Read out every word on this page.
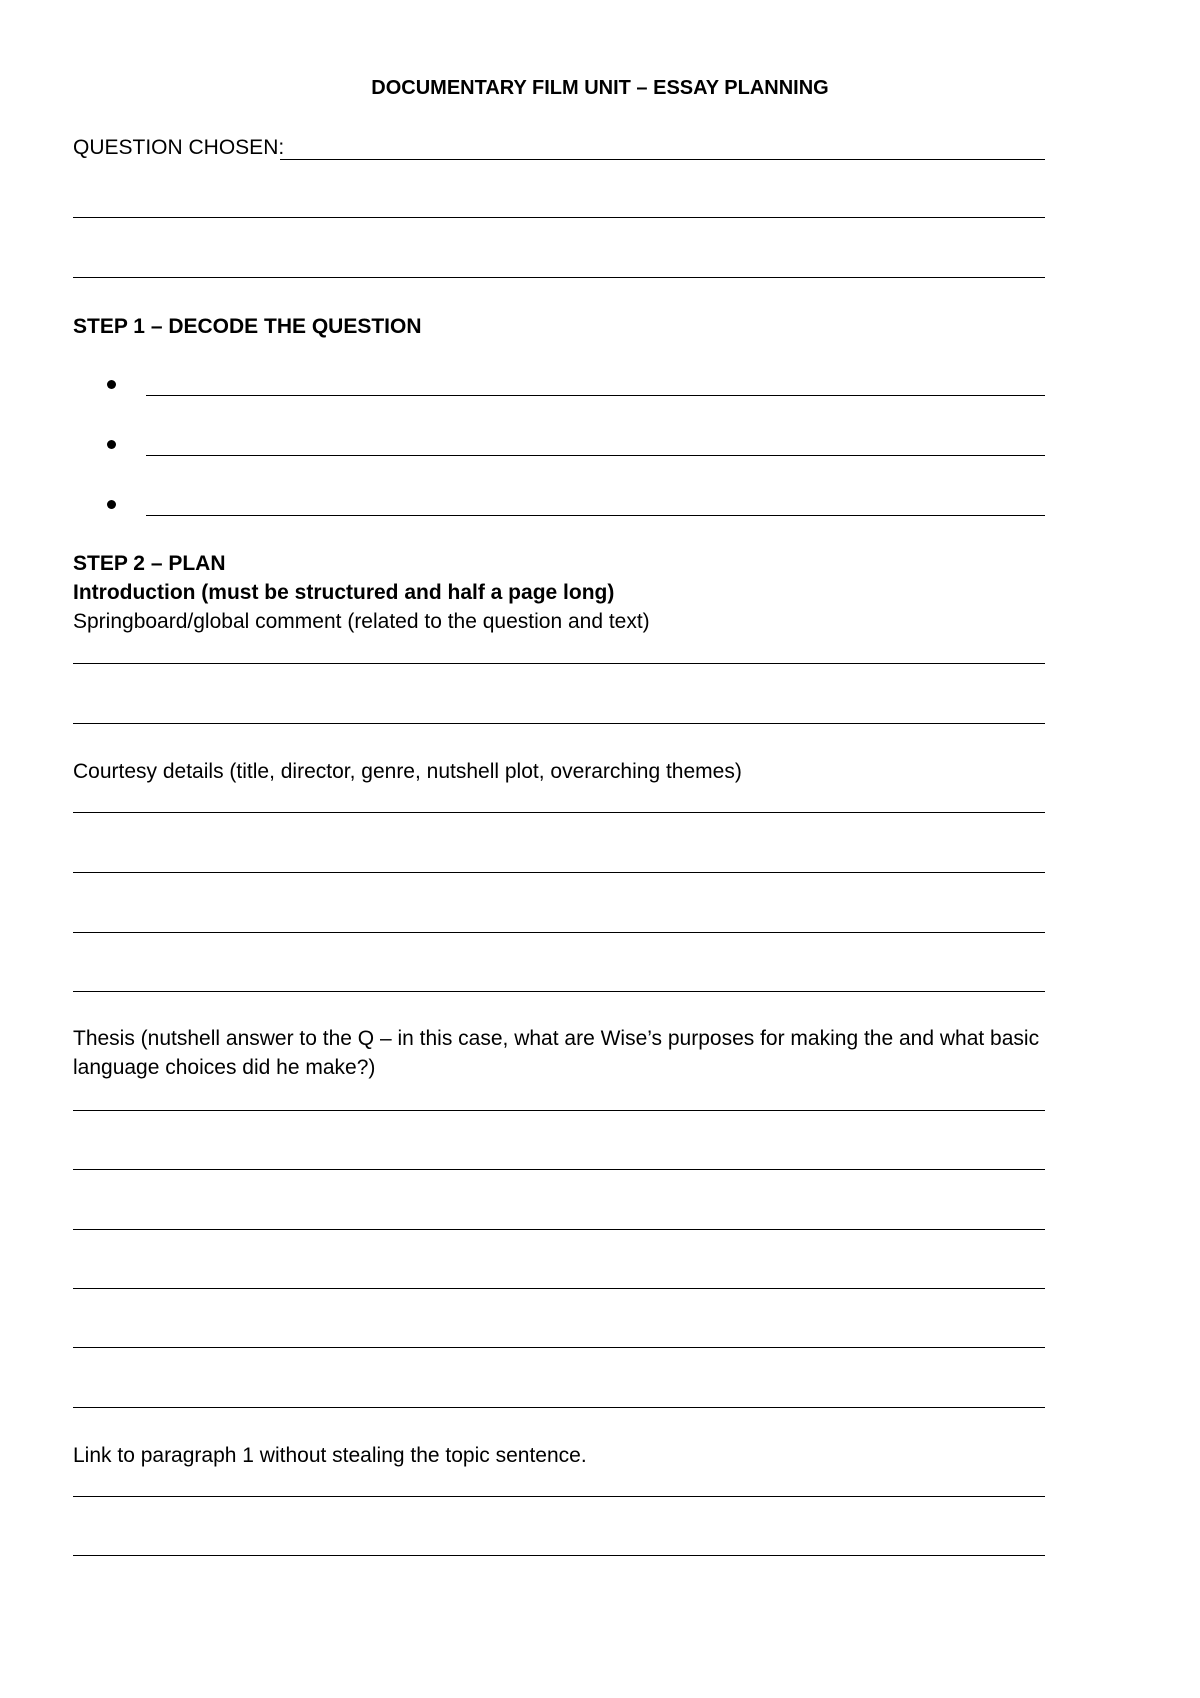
DOCUMENTARY FILM UNIT – ESSAY PLANNING
QUESTION CHOSEN:
STEP 1 – DECODE THE QUESTION
STEP 2 – PLAN
Introduction (must be structured and half a page long)
Springboard/global comment (related to the question and text)
Courtesy details (title, director, genre, nutshell plot, overarching themes)
Thesis (nutshell answer to the Q – in this case, what are Wise’s purposes for making the and what basic
language choices did he make?)
Link to paragraph 1 without stealing the topic sentence.
